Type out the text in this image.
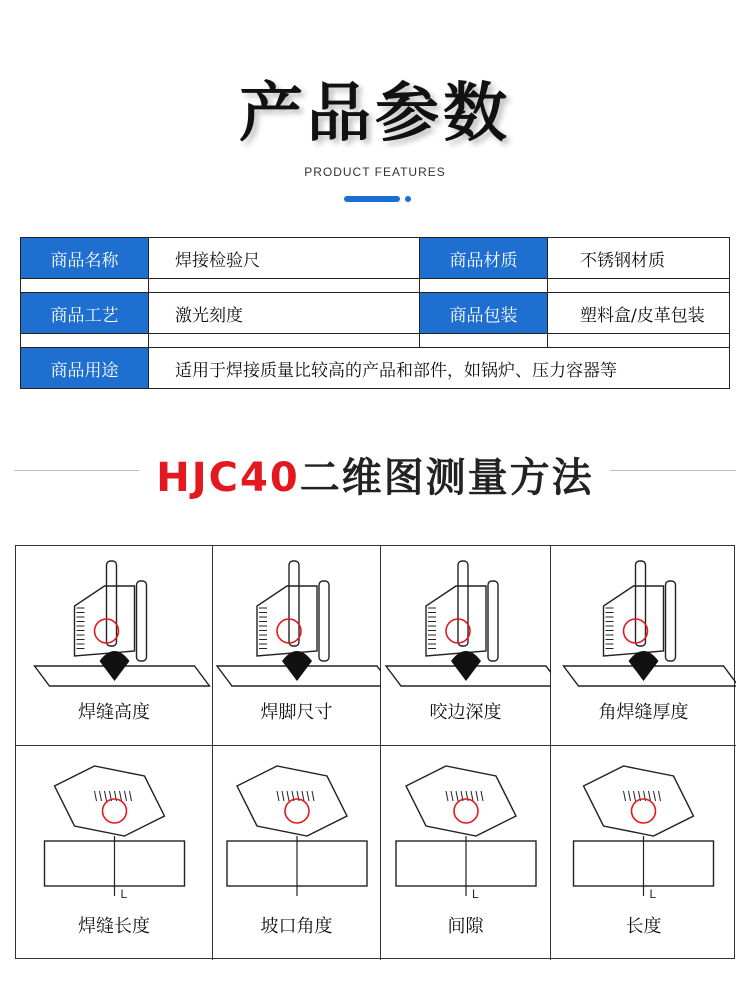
产品参数
PRODUCT FEATURES
商品名称	焊接检验尺	商品材质	不锈钢材质

商品工艺	激光刻度	商品包装	塑料盒/皮革包装

商品用途	适用于焊接质量比较高的产品和部件，如锅炉、压力容器等		
HJC40二维图测量方法
焊缝高度	焊脚尺寸	咬边深度	角焊缝厚度
L
焊缝长度	坡口角度
L
间隙
L
长度
